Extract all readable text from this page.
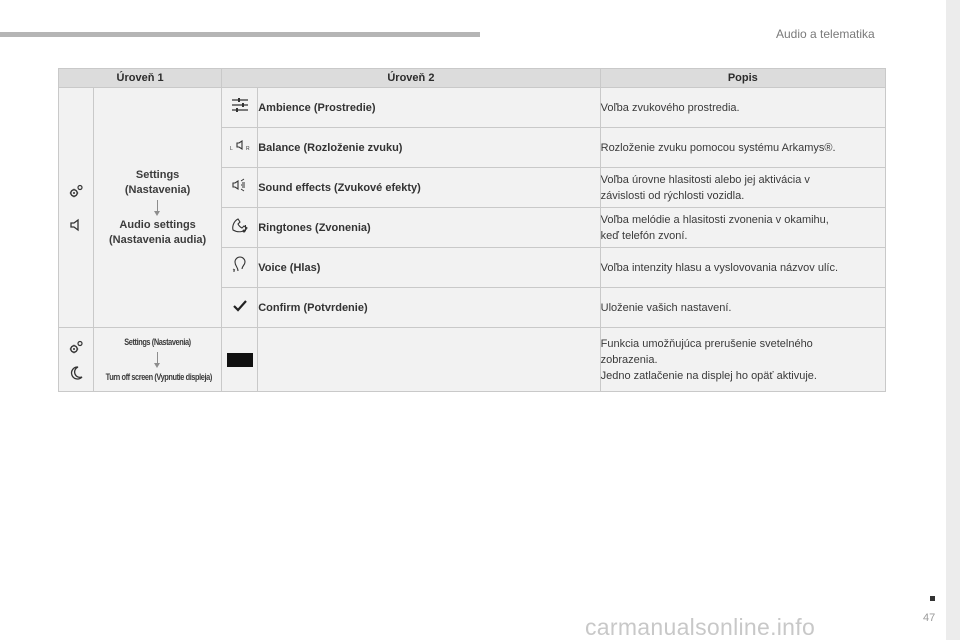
Audio a telematika
47
carmanualsonline.info
Úroveň 1		Úroveň 2		Popis

Settings
(Nastavenia)
Audio settings
(Nastavenia audia)		Ambience (Prostredie)	Voľba zvukového prostredia.

L R	Balance (Rozloženie zvuku)	Rozloženie zvuku pomocou systému Arkamys®.
	Sound effects (Zvukové efekty)	Voľba úrovne hlasitosti alebo jej aktivácia v
závislosti od rýchlosti vozidla.
	Ringtones (Zvonenia)	Voľba melódie a hlasitosti zvonenia v okamihu,
keď telefón zvoní.
	Voice (Hlas)	Voľba intenzity hlasu a vyslovovania názvov ulíc.
	Confirm (Potvrdenie)	Uloženie vašich nastavení.

	Settings (Nastavenia)
Turn off screen (Vypnutie displeja)			Funkcia umožňujúca prerušenie svetelného
zobrazenia.
Jedno zatlačenie na displej ho opäť aktivuje.
